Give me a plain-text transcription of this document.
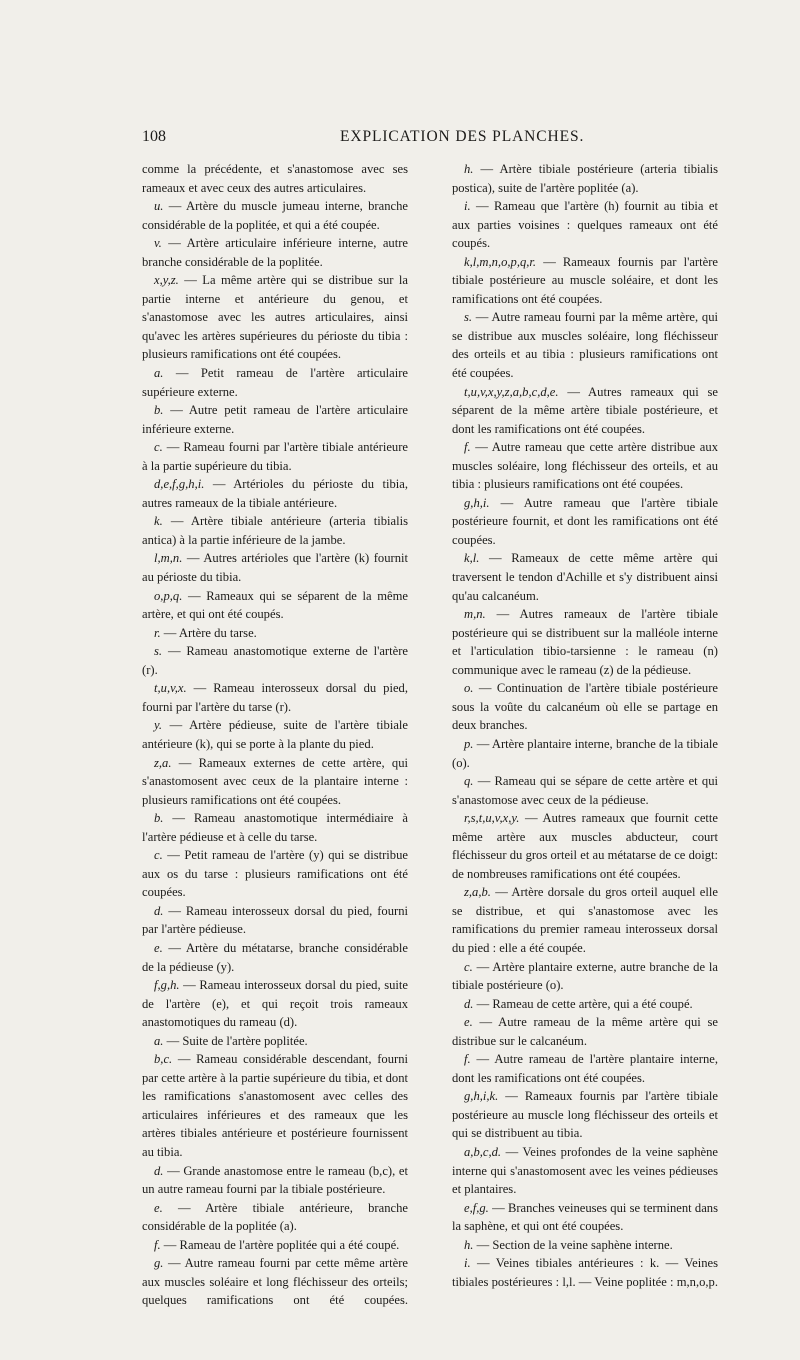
108	EXPLICATION DES PLANCHES.

comme la précédente, et s'anastomose avec ses rameaux et avec ceux des autres articulaires.

u. — Artère du muscle jumeau interne, branche considérable de la poplitée, et qui a été coupée.

v. — Artère articulaire inférieure interne, autre branche considérable de la poplitée.

x,y,z. — La même artère qui se distribue sur la partie interne et antérieure du genou, et s'anastomose avec les autres articulaires, ainsi qu'avec les artères supérieures du périoste du tibia : plusieurs ramifications ont été coupées.

a. — Petit rameau de l'artère articulaire supérieure externe.

b. — Autre petit rameau de l'artère articulaire inférieure externe.

c. — Rameau fourni par l'artère tibiale antérieure à la partie supérieure du tibia.

d,e,f,g,h,i. — Artérioles du périoste du tibia, autres rameaux de la tibiale antérieure.

k. — Artère tibiale antérieure (arteria tibialis antica) à la partie inférieure de la jambe.

l,m,n. — Autres artérioles que l'artère (k) fournit au périoste du tibia.

o,p,q. — Rameaux qui se séparent de la même artère, et qui ont été coupés.

r. — Artère du tarse.

s. — Rameau anastomotique externe de l'artère (r).

t,u,v,x. — Rameau interosseux dorsal du pied, fourni par l'artère du tarse (r).

y. — Artère pédieuse, suite de l'artère tibiale antérieure (k), qui se porte à la plante du pied.

z,a. — Rameaux externes de cette artère, qui s'anastomosent avec ceux de la plantaire interne : plusieurs ramifications ont été coupées.

b. — Rameau anastomotique intermédiaire à l'artère pédieuse et à celle du tarse.

c. — Petit rameau de l'artère (y) qui se distribue aux os du tarse : plusieurs ramifications ont été coupées.

d. — Rameau interosseux dorsal du pied, fourni par l'artère pédieuse.

e. — Artère du métatarse, branche considérable de la pédieuse (y).

f,g,h. — Rameau interosseux dorsal du pied, suite de l'artère (e), et qui reçoit trois rameaux anastomotiques du rameau (d).

a. — Suite de l'artère poplitée.

b,c. — Rameau considérable descendant, fourni par cette artère à la partie supérieure du tibia, et dont les ramifications s'anastomosent avec celles des articulaires inférieures et des rameaux que les artères tibiales antérieure et postérieure fournissent au tibia.

d. — Grande anastomose entre le rameau (b,c), et un autre rameau fourni par la tibiale postérieure.

e. — Artère tibiale antérieure, branche considérable de la poplitée (a).

f. — Rameau de l'artère poplitée qui a été coupé.

g. — Autre rameau fourni par cette même artère aux muscles soléaire et long fléchisseur des orteils; quelques ramifications ont été coupées.

h. — Artère tibiale postérieure (arteria tibialis postica), suite de l'artère poplitée (a).

i. — Rameau que l'artère (h) fournit au tibia et aux parties voisines : quelques rameaux ont été coupés.

k,l,m,n,o,p,q,r. — Rameaux fournis par l'artère tibiale postérieure au muscle soléaire, et dont les ramifications ont été coupées.

s. — Autre rameau fourni par la même artère, qui se distribue aux muscles soléaire, long fléchisseur des orteils et au tibia : plusieurs ramifications ont été coupées.

t,u,v,x,y,z,a,b,c,d,e. — Autres rameaux qui se séparent de la même artère tibiale postérieure, et dont les ramifications ont été coupées.

f. — Autre rameau que cette artère distribue aux muscles soléaire, long fléchisseur des orteils, et au tibia : plusieurs ramifications ont été coupées.

g,h,i. — Autre rameau que l'artère tibiale postérieure fournit, et dont les ramifications ont été coupées.

k,l. — Rameaux de cette même artère qui traversent le tendon d'Achille et s'y distribuent ainsi qu'au calcanéum.

m,n. — Autres rameaux de l'artère tibiale postérieure qui se distribuent sur la malléole interne et l'articulation tibio-tarsienne : le rameau (n) communique avec le rameau (z) de la pédieuse.

o. — Continuation de l'artère tibiale postérieure sous la voûte du calcanéum où elle se partage en deux branches.

p. — Artère plantaire interne, branche de la tibiale (o).

q. — Rameau qui se sépare de cette artère et qui s'anastomose avec ceux de la pédieuse.

r,s,t,u,v,x,y. — Autres rameaux que fournit cette même artère aux muscles abducteur, court fléchisseur du gros orteil et au métatarse de ce doigt: de nombreuses ramifications ont été coupées.

z,a,b. — Artère dorsale du gros orteil auquel elle se distribue, et qui s'anastomose avec les ramifications du premier rameau interosseux dorsal du pied : elle a été coupée.

c. — Artère plantaire externe, autre branche de la tibiale postérieure (o).

d. — Rameau de cette artère, qui a été coupé.

e. — Autre rameau de la même artère qui se distribue sur le calcanéum.

f. — Autre rameau de l'artère plantaire interne, dont les ramifications ont été coupées.

g,h,i,k. — Rameaux fournis par l'artère tibiale postérieure au muscle long fléchisseur des orteils et qui se distribuent au tibia.

a,b,c,d. — Veines profondes de la veine saphène interne qui s'anastomosent avec les veines pédieuses et plantaires.

e,f,g. — Branches veineuses qui se terminent dans la saphène, et qui ont été coupées.

h. — Section de la veine saphène interne.

i. — Veines tibiales antérieures : k. — Veines tibiales postérieures : l,l. — Veine poplitée : m,n,o,p.
